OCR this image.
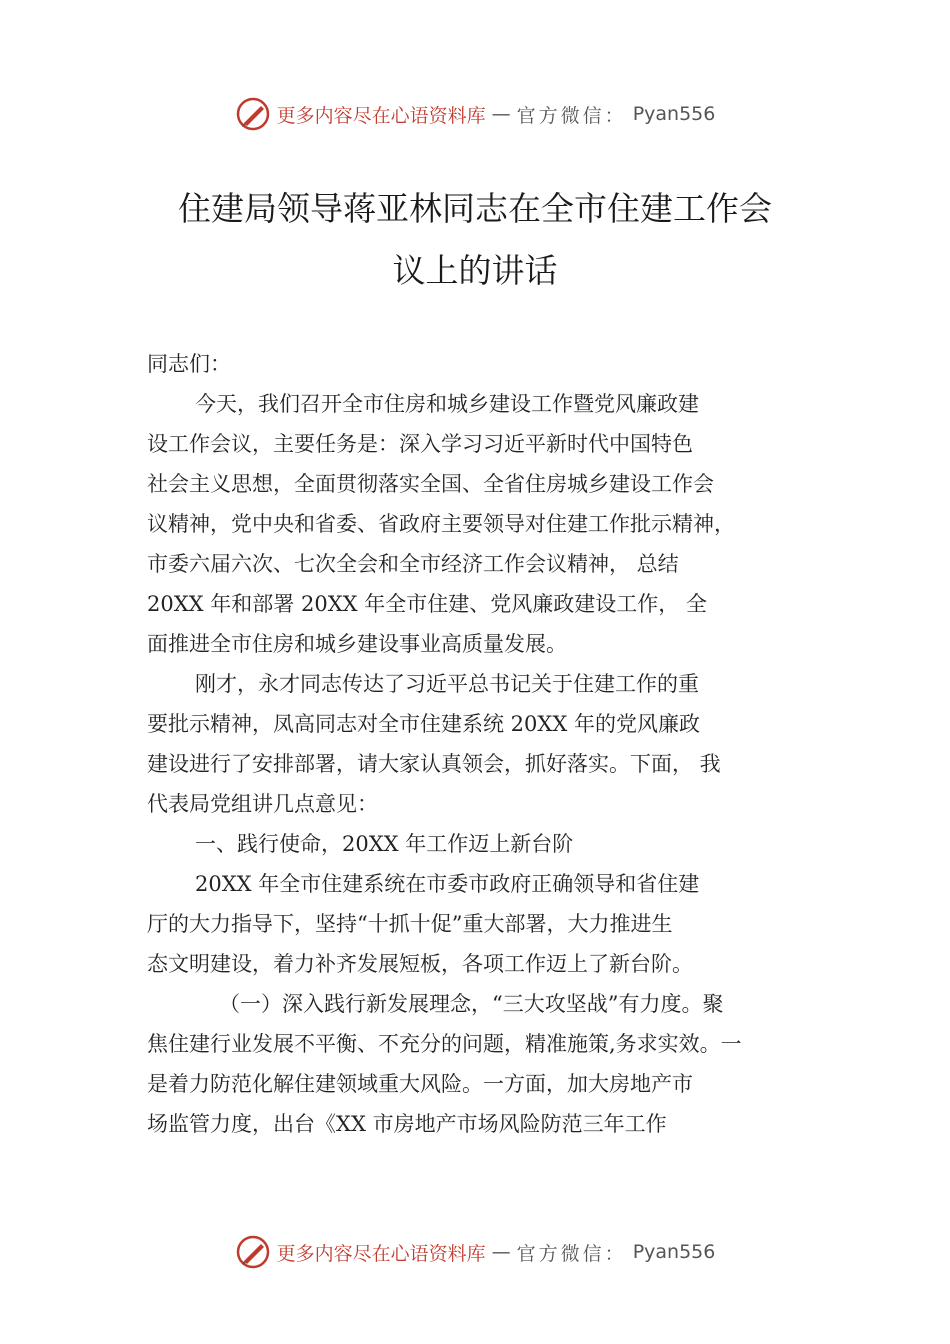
更多内容尽在心语资料库 — 官方微信： Pyan556
住建局领导蒋亚林同志在全市住建工作会
议上的讲话

同志们：

今天，我们召开全市住房和城乡建设工作暨党风廉政建

设工作会议，主要任务是：深入学习习近平新时代中国特色

社会主义思想，全面贯彻落实全国、全省住房城乡建设工作会

议精神，党中央和省委、省政府主要领导对住建工作批示精神，

市委六届六次、七次全会和全市经济工作会议精神， 总结

20XX 年和部署 20XX 年全市住建、党风廉政建设工作， 全

面推进全市住房和城乡建设事业高质量发展。

刚才，永才同志传达了习近平总书记关于住建工作的重

要批示精神，凤高同志对全市住建系统 20XX 年的党风廉政

建设进行了安排部署，请大家认真领会，抓好落实。下面， 我

代表局党组讲几点意见：

一、践行使命，20XX 年工作迈上新台阶

20XX 年全市住建系统在市委市政府正确领导和省住建

厅的大力指导下，坚持“十抓十促”重大部署，大力推进生

态文明建设，着力补齐发展短板，各项工作迈上了新台阶。

（一）深入践行新发展理念，“三大攻坚战”有力度。聚

焦住建行业发展不平衡、不充分的问题，精准施策,务求实效。一

是着力防范化解住建领域重大风险。一方面，加大房地产市

场监管力度，出台《XX 市房地产市场风险防范三年工作

更多内容尽在心语资料库 — 官方微信： Pyan556
